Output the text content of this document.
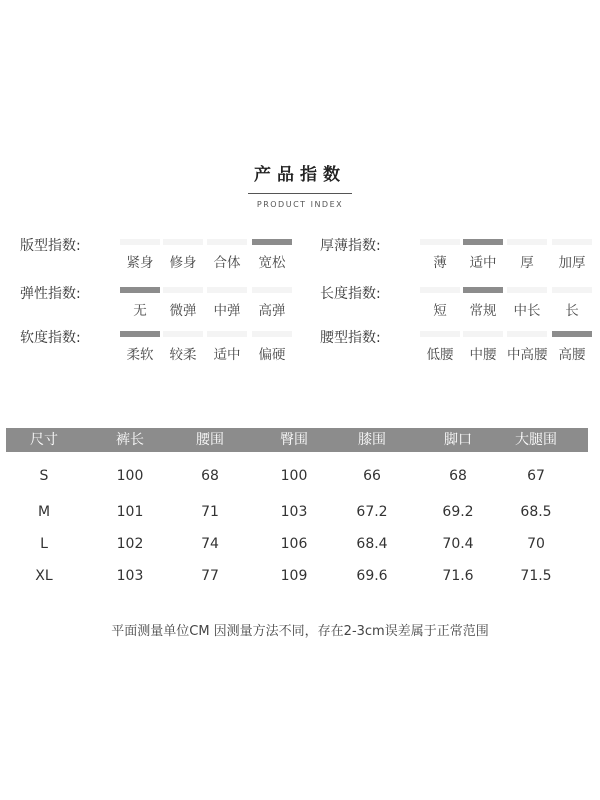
产品指数
PRODUCT INDEX
版型指数:
紧身	修身	合体	宽松
弹性指数:
无	微弹	中弹	高弹
软度指数:
柔软	较柔	适中	偏硬
厚薄指数:
薄	适中	厚	加厚
长度指数:
短	常规	中长	长
腰型指数:
低腰	中腰 中高腰 高腰
尺寸	裤长	腰围	臀围	膝围	脚口	大腿围
S	100	68	100	66	68	67
M	101	71	103	67.2	69.2	68.5
L	102	74	106	68.4	70.4	70
XL	103	77	109	69.6	71.6	71.5
平面测量单位CM 因测量方法不同，存在2-3cm误差属于正常范围
